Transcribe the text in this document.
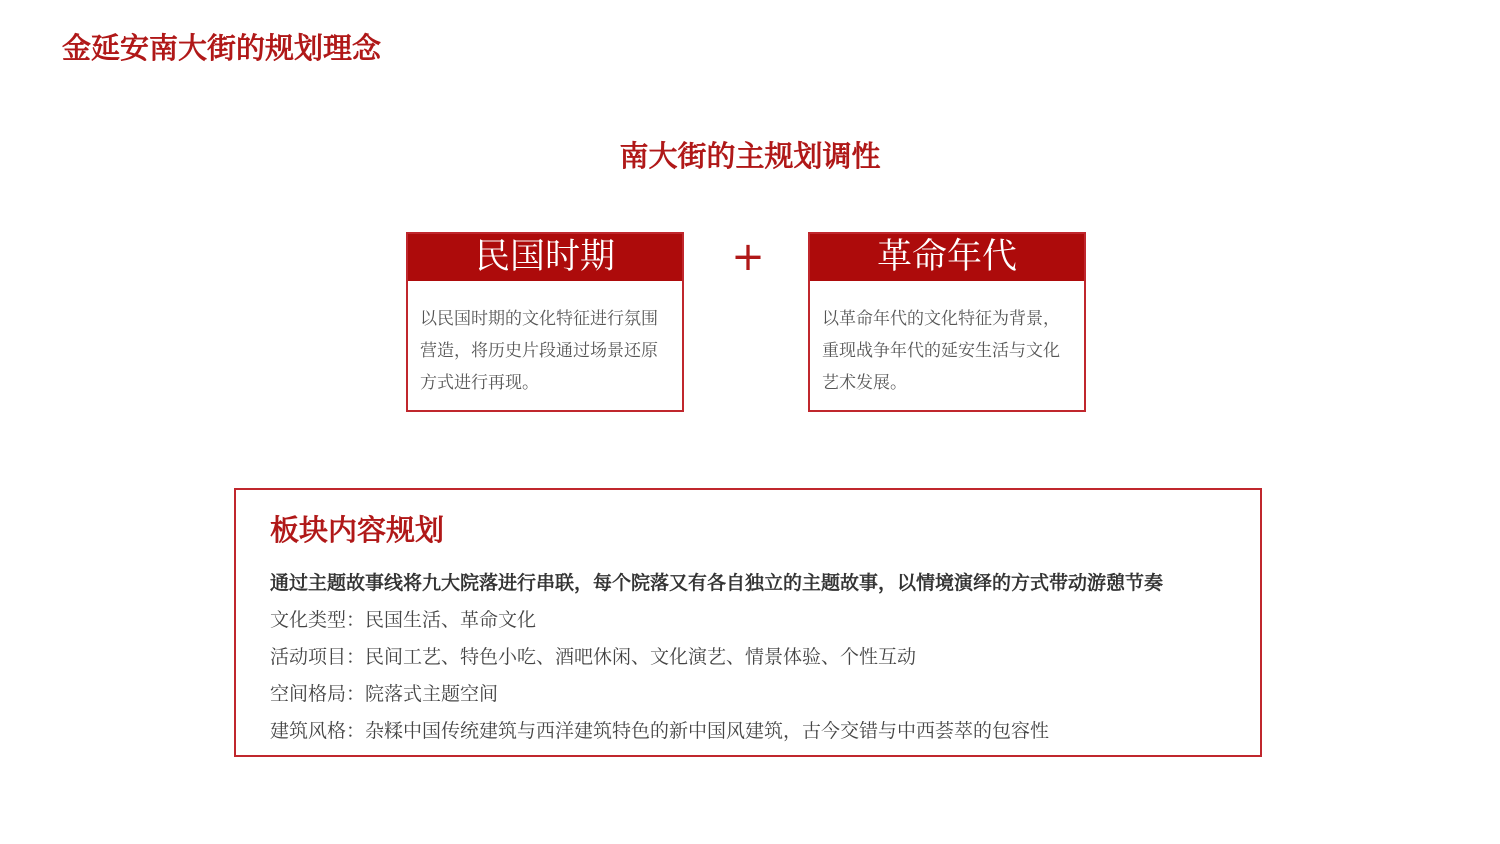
金延安南大街的规划理念
南大街的主规划调性
民国时期
以民国时期的文化特征进行氛围营造，将历史片段通过场景还原方式进行再现。
+	革命年代
以革命年代的文化特征为背景，重现战争年代的延安生活与文化艺术发展。
板块内容规划
通过主题故事线将九大院落进行串联，每个院落又有各自独立的主题故事，以情境演绎的方式带动游憩节奏
文化类型：民国生活、革命文化
活动项目：民间工艺、特色小吃、酒吧休闲、文化演艺、情景体验、个性互动
空间格局：院落式主题空间
建筑风格：杂糅中国传统建筑与西洋建筑特色的新中国风建筑，古今交错与中西荟萃的包容性
